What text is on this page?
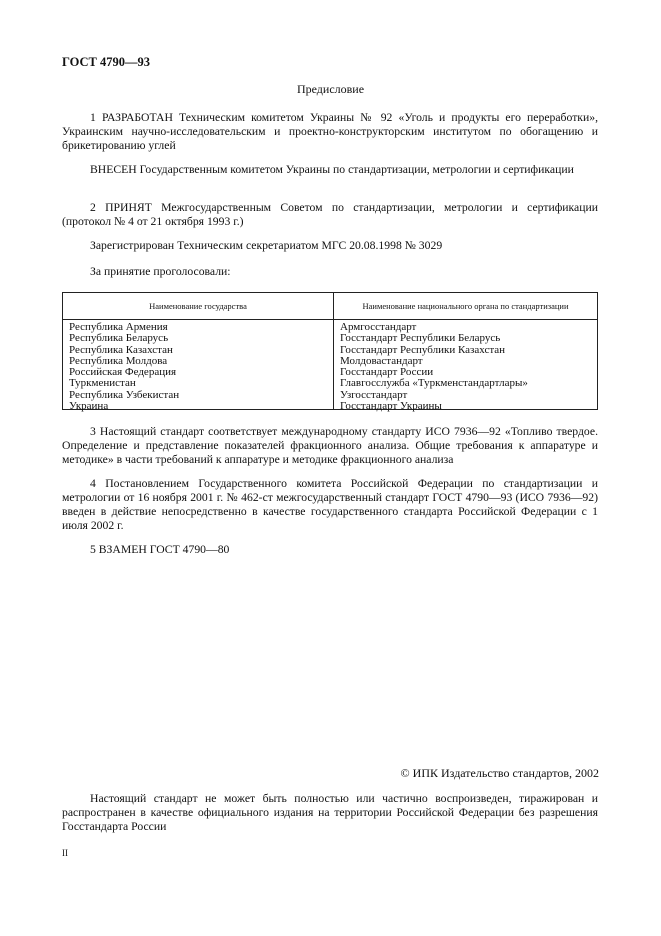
ГОСТ 4790—93
Предисловие

1 РАЗРАБОТАН Техническим комитетом Украины № 92 «Уголь и продукты его переработки», Украинским научно-исследовательским и проектно-конструкторским институтом по обогащению и брикетированию углей

ВНЕСЕН Государственным комитетом Украины по стандартизации, метрологии и сертификации

2 ПРИНЯТ Межгосударственным Советом по стандартизации, метрологии и сертификации (протокол № 4 от 21 октября 1993 г.)

Зарегистрирован Техническим секретариатом МГС 20.08.1998 № 3029

За принятие проголосовали:

Наименование государства	Наименование национального органа по стандартизации
Республика Армения
Республика Беларусь
Республика Казахстан
Республика Молдова
Российская Федерация
Туркменистан
Республика Узбекистан
Украина
Армгосстандарт
Госстандарт Республики Беларусь
Госстандарт Республики Казахстан
Молдовастандарт
Госстандарт России
Главгосслужба «Туркменстандартлары»
Узгосстандарт
Госстандарт Украины

3 Настоящий стандарт соответствует международному стандарту ИСО 7936—92 «Топливо твердое. Определение и представление показателей фракционного анализа. Общие требования к аппаратуре и методике» в части требований к аппаратуре и методике фракционного анализа

4 Постановлением Государственного комитета Российской Федерации по стандартизации и метрологии от 16 ноября 2001 г. № 462-ст межгосударственный стандарт ГОСТ 4790—93 (ИСО 7936—92) введен в действие непосредственно в качестве государственного стандарта Российской Федерации с 1 июля 2002 г.

5 ВЗАМЕН ГОСТ 4790—80

© ИПК Издательство стандартов, 2002

Настоящий стандарт не может быть полностью или частично воспроизведен, тиражирован и распространен в качестве официального издания на территории Российской Федерации без разрешения Госстандарта России

II
